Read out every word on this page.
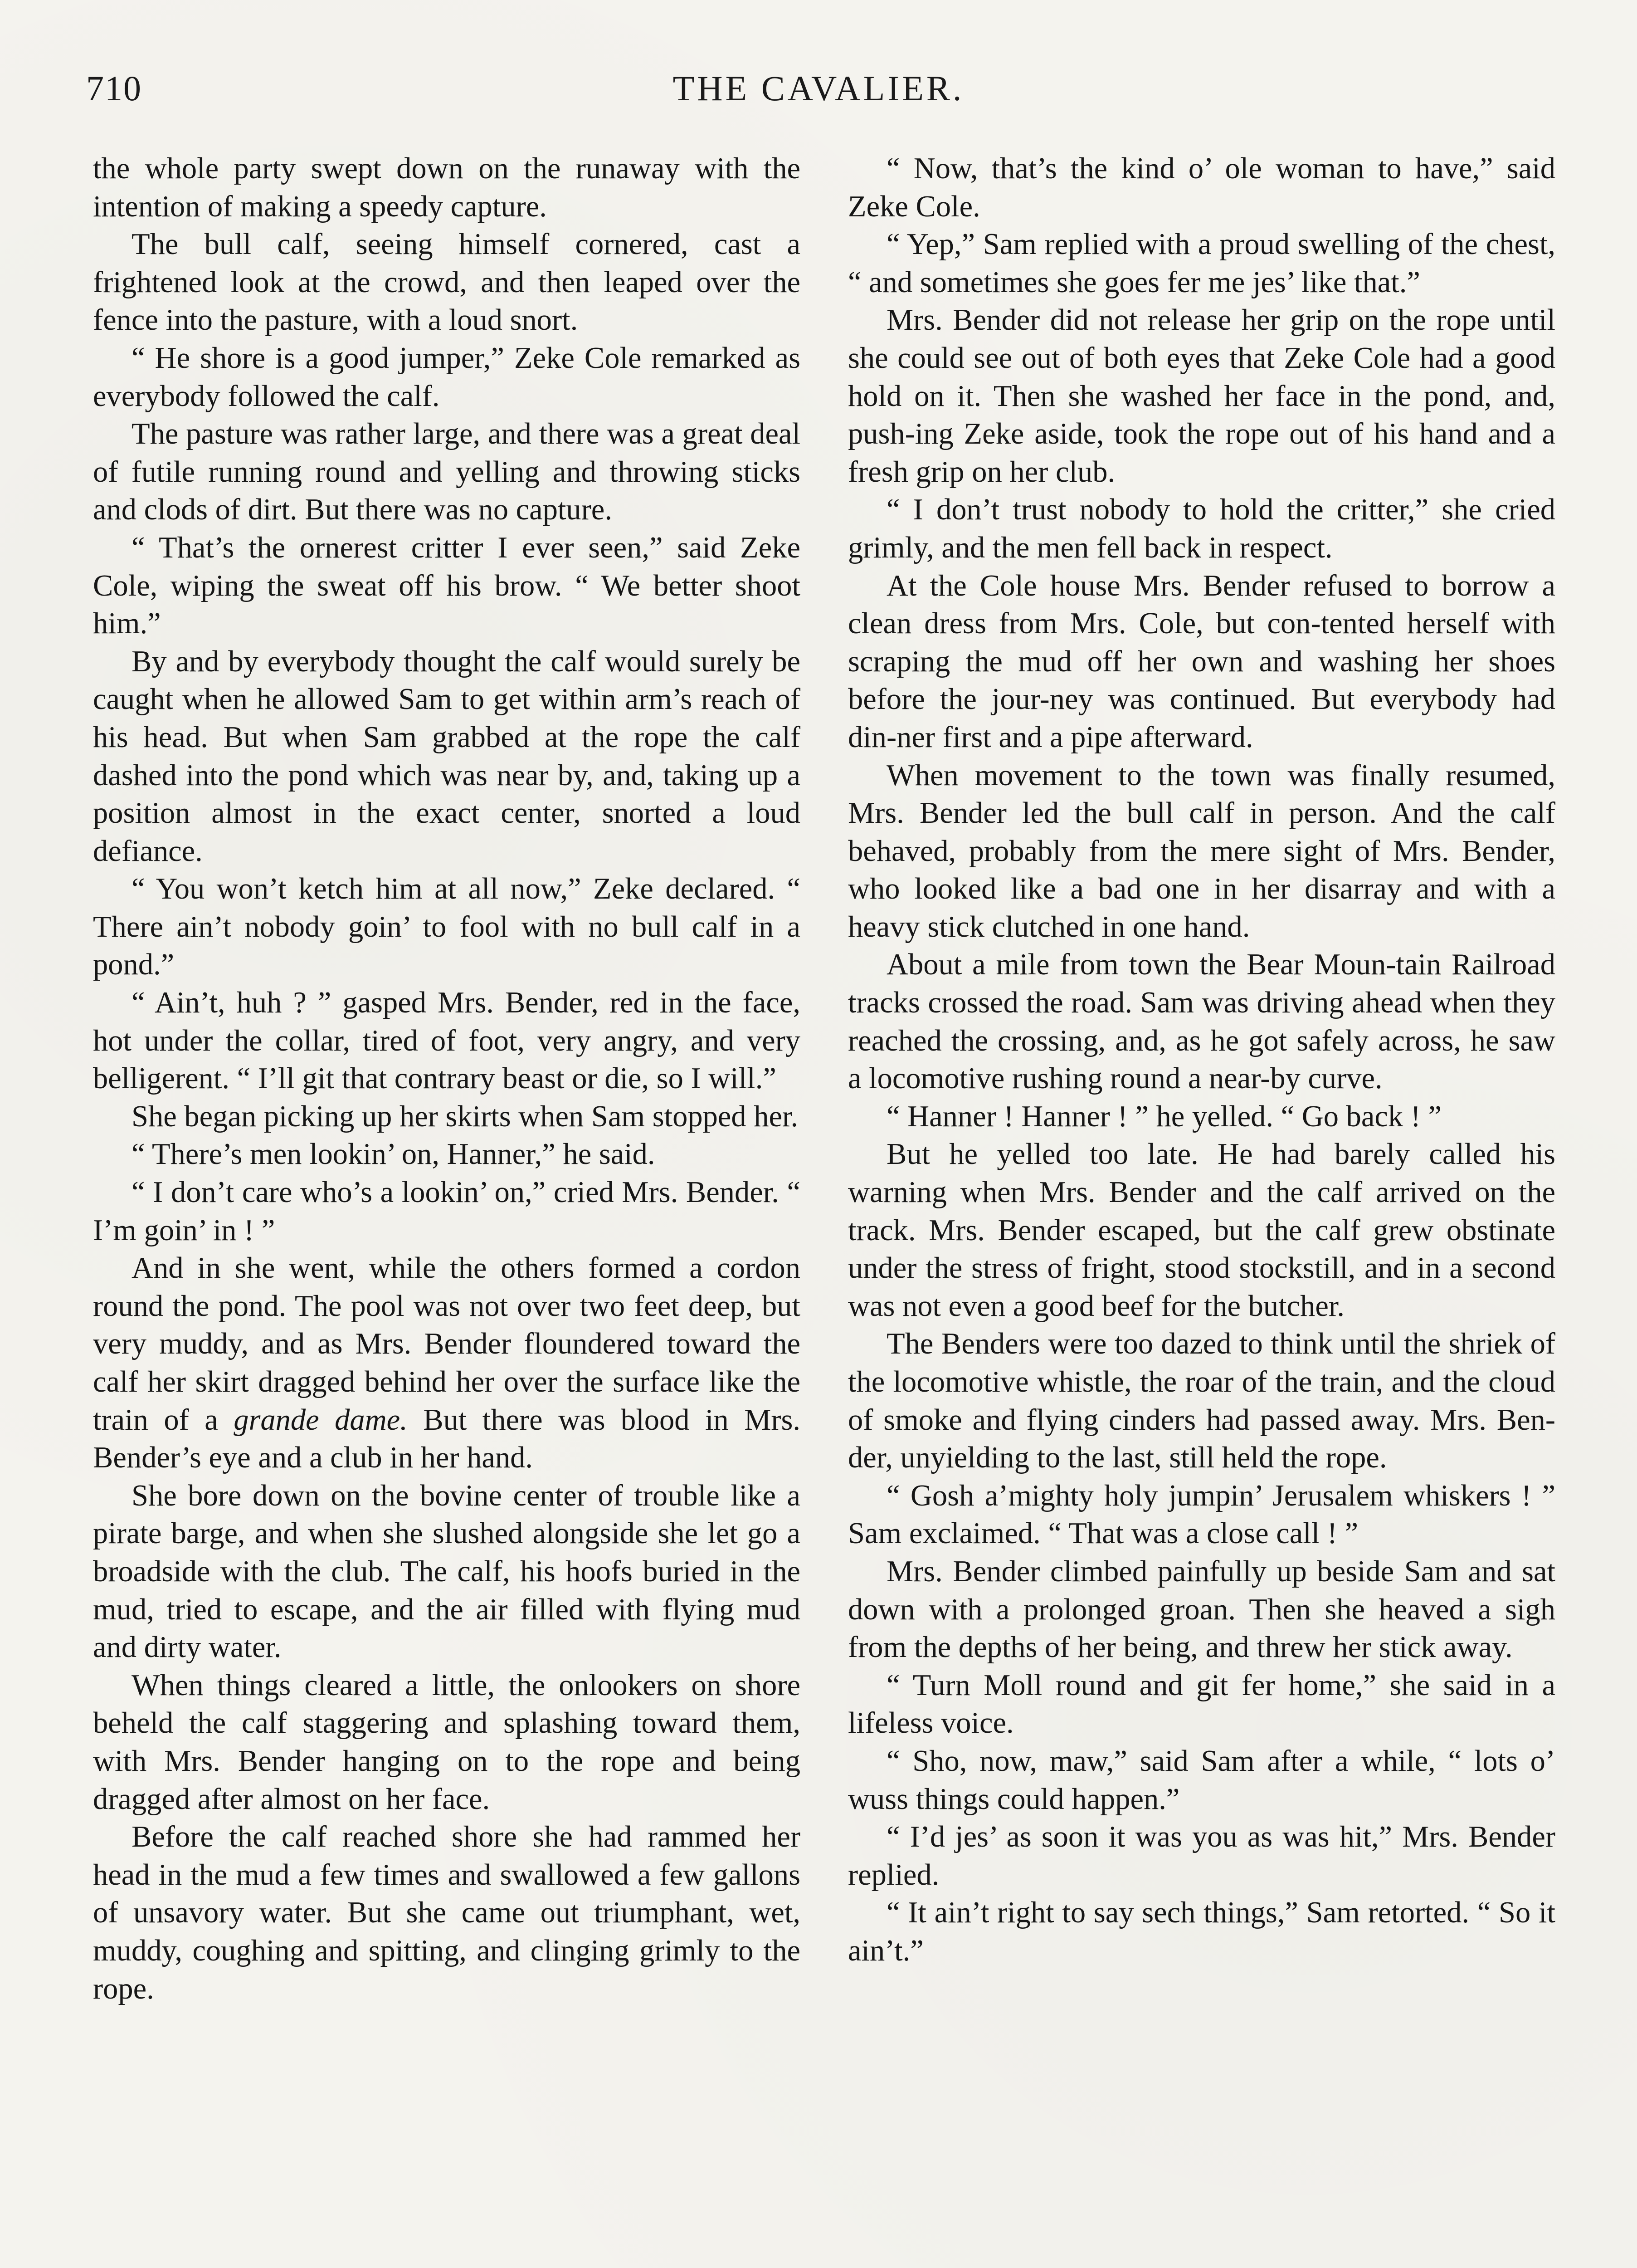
710	THE CAVALIER.

the whole party swept down on the runaway with the intention of making a speedy capture.

The bull calf, seeing himself cornered, cast a frightened look at the crowd, and then leaped over the fence into the pasture, with a loud snort.

“ He shore is a good jumper,” Zeke Cole remarked as everybody followed the calf.

The pasture was rather large, and there was a great deal of futile running round and yelling and throwing sticks and clods of dirt. But there was no capture.

“ That’s the ornerest critter I ever seen,” said Zeke Cole, wiping the sweat off his brow. “ We better shoot him.”

By and by everybody thought the calf would surely be caught when he allowed Sam to get within arm’s reach of his head. But when Sam grabbed at the rope the calf dashed into the pond which was near by, and, taking up a position almost in the exact center, snorted a loud defiance.

“ You won’t ketch him at all now,” Zeke declared. “ There ain’t nobody goin’ to fool with no bull calf in a pond.”

“ Ain’t, huh ? ” gasped Mrs. Bender, red in the face, hot under the collar, tired of foot, very angry, and very belligerent. “ I’ll git that contrary beast or die, so I will.”

She began picking up her skirts when Sam stopped her.

“ There’s men lookin’ on, Hanner,” he said.

“ I don’t care who’s a lookin’ on,” cried Mrs. Bender. “ I’m goin’ in ! ”

And in she went, while the others formed a cordon round the pond. The pool was not over two feet deep, but very muddy, and as Mrs. Bender floundered toward the calf her skirt dragged behind her over the surface like the train of a grande dame. But there was blood in Mrs. Bender’s eye and a club in her hand.

She bore down on the bovine center of trouble like a pirate barge, and when she slushed alongside she let go a broadside with the club. The calf, his hoofs buried in the mud, tried to escape, and the air filled with flying mud and dirty water.

When things cleared a little, the onlookers on shore beheld the calf staggering and splashing toward them, with Mrs. Bender hanging on to the rope and being dragged after almost on her face.

Before the calf reached shore she had rammed her head in the mud a few times and swallowed a few gallons of unsavory water. But she came out triumphant, wet, muddy, coughing and spitting, and clinging grimly to the rope.

“ Now, that’s the kind o’ ole woman to have,” said Zeke Cole.

“ Yep,” Sam replied with a proud swelling of the chest, “ and sometimes she goes fer me jes’ like that.”

Mrs. Bender did not release her grip on the rope until she could see out of both eyes that Zeke Cole had a good hold on it. Then she washed her face in the pond, and, push-ing Zeke aside, took the rope out of his hand and a fresh grip on her club.

“ I don’t trust nobody to hold the critter,” she cried grimly, and the men fell back in respect.

At the Cole house Mrs. Bender refused to borrow a clean dress from Mrs. Cole, but con-tented herself with scraping the mud off her own and washing her shoes before the jour-ney was continued. But everybody had din-ner first and a pipe afterward.

When movement to the town was finally resumed, Mrs. Bender led the bull calf in person. And the calf behaved, probably from the mere sight of Mrs. Bender, who looked like a bad one in her disarray and with a heavy stick clutched in one hand.

About a mile from town the Bear Moun-tain Railroad tracks crossed the road. Sam was driving ahead when they reached the crossing, and, as he got safely across, he saw a locomotive rushing round a near-by curve.

“ Hanner ! Hanner ! ” he yelled. “ Go back ! ”

But he yelled too late. He had barely called his warning when Mrs. Bender and the calf arrived on the track. Mrs. Bender escaped, but the calf grew obstinate under the stress of fright, stood stockstill, and in a second was not even a good beef for the butcher.

The Benders were too dazed to think until the shriek of the locomotive whistle, the roar of the train, and the cloud of smoke and flying cinders had passed away. Mrs. Ben-der, unyielding to the last, still held the rope.

“ Gosh a’mighty holy jumpin’ Jerusalem whiskers ! ” Sam exclaimed. “ That was a close call ! ”

Mrs. Bender climbed painfully up beside Sam and sat down with a prolonged groan. Then she heaved a sigh from the depths of her being, and threw her stick away.

“ Turn Moll round and git fer home,” she said in a lifeless voice.

“ Sho, now, maw,” said Sam after a while, “ lots o’ wuss things could happen.”

“ I’d jes’ as soon it was you as was hit,” Mrs. Bender replied.

“ It ain’t right to say sech things,” Sam retorted. “ So it ain’t.”
